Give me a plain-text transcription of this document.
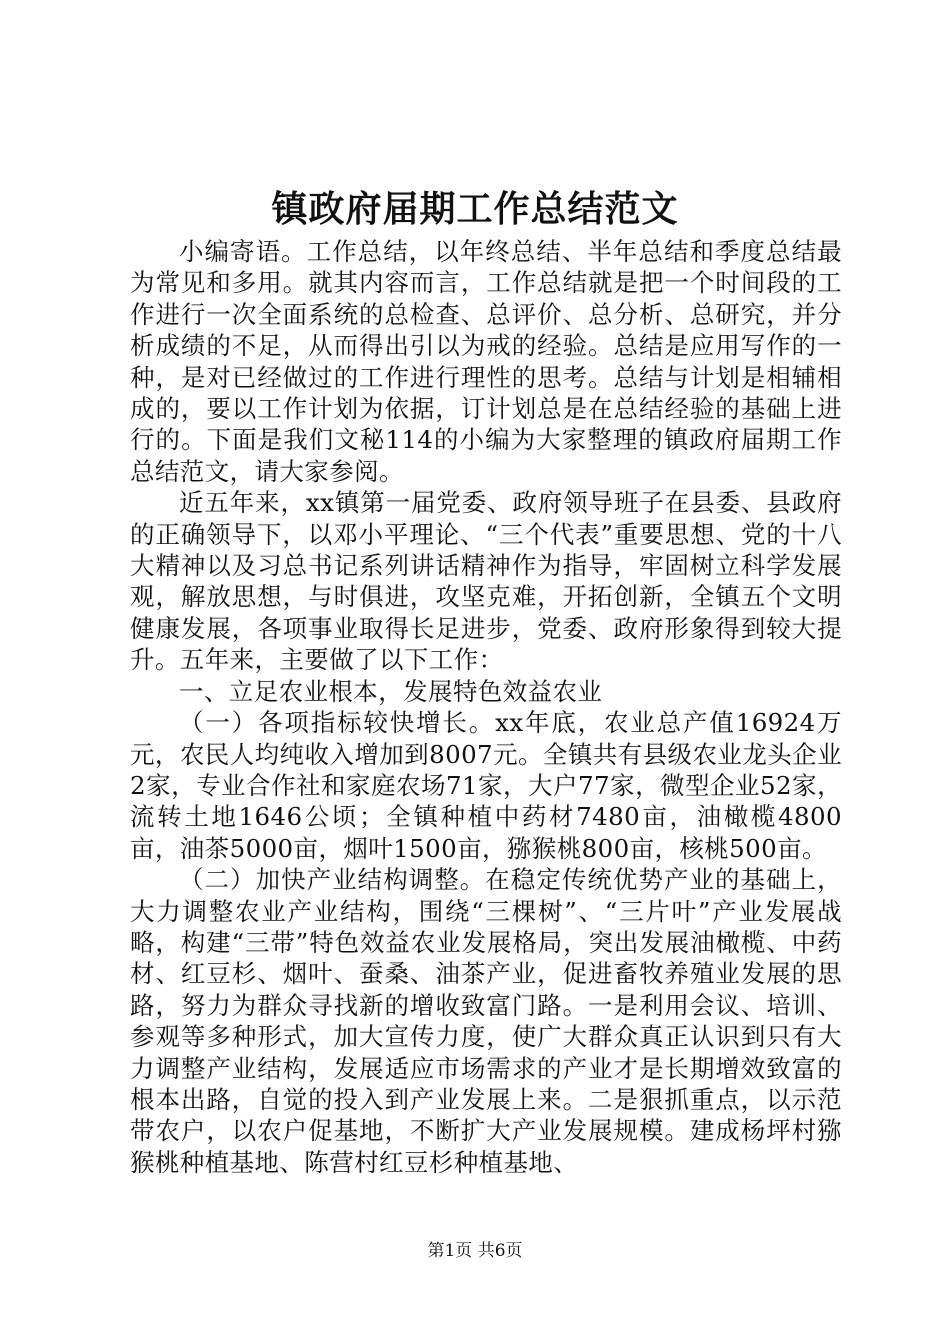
镇政府届期工作总结范文

小编寄语。工作总结，以年终总结、半年总结和季度总结最为常见和多用。就其内容而言，工作总结就是把一个时间段的工作进行一次全面系统的总检查、总评价、总分析、总研究，并分析成绩的不足，从而得出引以为戒的经验。总结是应用写作的一种，是对已经做过的工作进行理性的思考。总结与计划是相辅相成的，要以工作计划为依据，订计划总是在总结经验的基础上进行的。下面是我们文秘114的小编为大家整理的镇政府届期工作总结范文，请大家参阅。

近五年来，xx镇第一届党委、政府领导班子在县委、县政府的正确领导下，以邓小平理论、“三个代表”重要思想、党的十八大精神以及习总书记系列讲话精神作为指导，牢固树立科学发展观，解放思想，与时俱进，攻坚克难，开拓创新，全镇五个文明健康发展，各项事业取得长足进步，党委、政府形象得到较大提升。五年来，主要做了以下工作：

一、立足农业根本，发展特色效益农业

（一）各项指标较快增长。xx年底，农业总产值16924万元，农民人均纯收入增加到8007元。全镇共有县级农业龙头企业2家，专业合作社和家庭农场71家，大户77家，微型企业52家，流转土地1646公顷；全镇种植中药材7480亩，油橄榄4800亩，油茶5000亩，烟叶1500亩，猕猴桃800亩，核桃500亩。

（二）加快产业结构调整。在稳定传统优势产业的基础上，大力调整农业产业结构，围绕“三棵树”、“三片叶”产业发展战略，构建“三带”特色效益农业发展格局，突出发展油橄榄、中药材、红豆杉、烟叶、蚕桑、油茶产业，促进畜牧养殖业发展的思路，努力为群众寻找新的增收致富门路。一是利用会议、培训、参观等多种形式，加大宣传力度，使广大群众真正认识到只有大力调整产业结构，发展适应市场需求的产业才是长期增效致富的根本出路，自觉的投入到产业发展上来。二是狠抓重点，以示范带农户，以农户促基地，不断扩大产业发展规模。建成杨坪村猕猴桃种植基地、陈营村红豆杉种植基地、

第1页 共6页
